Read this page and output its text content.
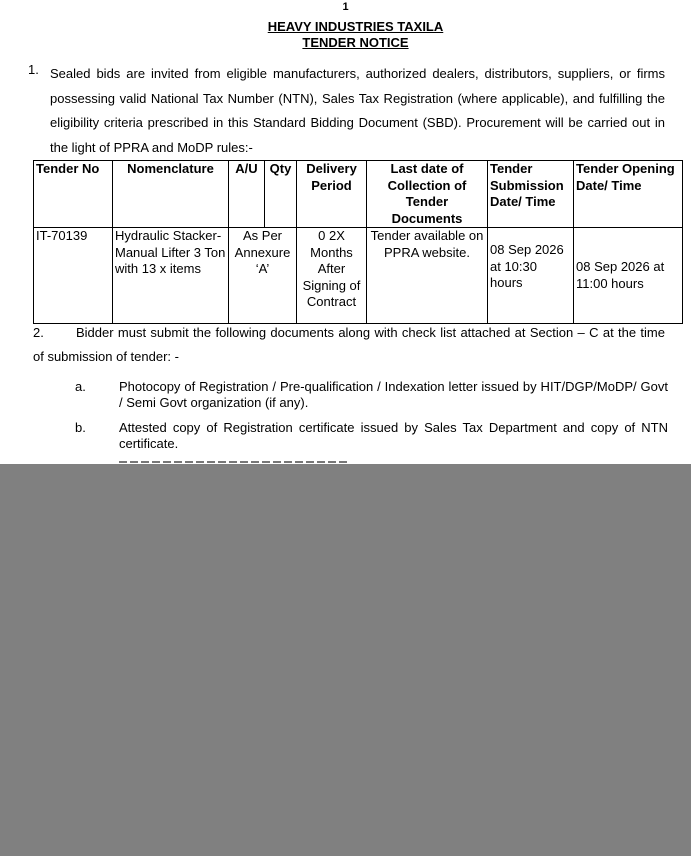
1
HEAVY INDUSTRIES TAXILA
TENDER NOTICE
1. Sealed bids are invited from eligible manufacturers, authorized dealers, distributors, suppliers, or firms possessing valid National Tax Number (NTN), Sales Tax Registration (where applicable), and fulfilling the eligibility criteria prescribed in this Standard Bidding Document (SBD). Procurement will be carried out in the light of PPRA and MoDP rules:-

Tender No	Nomenclature	A/U	Qty	Delivery Period	Last date of Collection of Tender Documents	Tender Submission Date/ Time	Tender Opening Date/ Time
IT-70139	Hydraulic Stacker-Manual Lifter 3 Ton with 13 x items	As Per Annexure ‘A’		0 2X Months After Signing of Contract	Tender available on PPRA website.	08 Sep 2026 at 10:30 hours	08 Sep 2026 at 11:00 hours
2. Bidder must submit the following documents along with check list attached at Section – C at the time of submission of tender: -
a.	Photocopy of Registration / Pre-qualification / Indexation letter issued by HIT/DGP/MoDP/ Govt / Semi Govt organization (if any).
b.	Attested copy of Registration certificate issued by Sales Tax Department and copy of NTN certificate.
